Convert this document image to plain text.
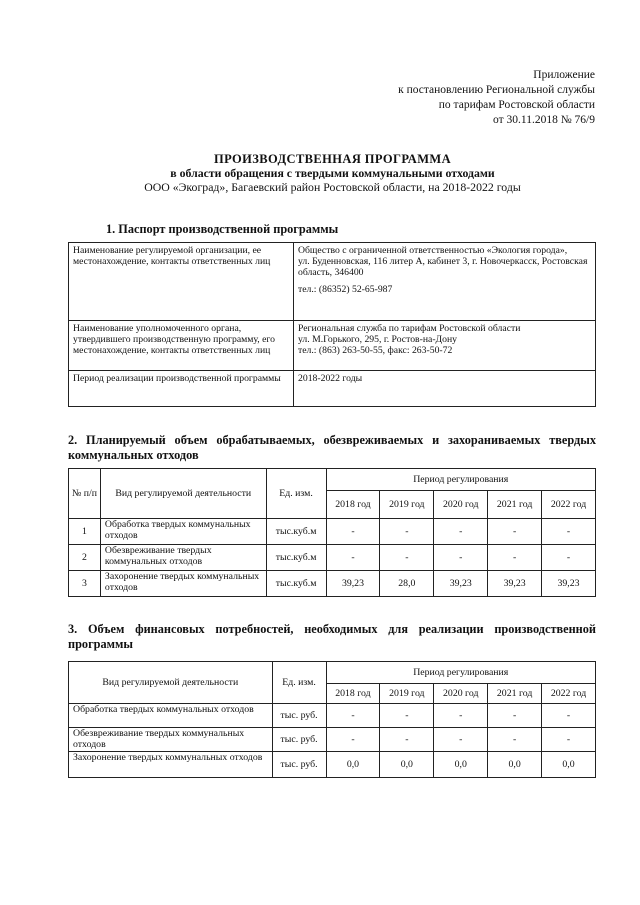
Приложение
к постановлению Региональной службы
по тарифам Ростовской области
от 30.11.2018 № 76/9
ПРОИЗВОДСТВЕННАЯ ПРОГРАММА
в области обращения с твердыми коммунальными отходами
ООО «Экоград», Багаевский район Ростовской области, на 2018-2022 годы
1. Паспорт производственной программы
Наименование регулируемой организации, ее местонахождение, контакты ответственных лиц	Общество с ограниченной ответственностью «Экология города»,
ул. Буденновская, 116 литер А, кабинет 3, г. Новочеркасск, Ростовская область, 346400
тел.: (86352) 52-65-987

Наименование уполномоченного органа, утвердившего производственную программу, его местонахождение, контакты ответственных лиц	Региональная служба по тарифам Ростовской области
ул. М.Горького, 295, г. Ростов-на-Дону
тел.: (863) 263-50-55, факс: 263-50-72

Период реализации производственной программы	2018-2022 годы
2. Планируемый объем обрабатываемых, обезвреживаемых и захораниваемых твердых коммунальных отходов
№ п/п	Вид регулируемой деятельности	Ед. изм.	Период регулирования				
			2018 год	2019 год	2020 год	2021 год	2022 год
1	Обработка твердых коммунальных отходов	тыс.куб.м	-	-	-	-	-
2	Обезвреживание твердых коммунальных отходов	тыс.куб.м	-	-	-	-	-
3	Захоронение твердых коммунальных отходов	тыс.куб.м	39,23	28,0	39,23	39,23	39,23
3. Объем финансовых потребностей, необходимых для реализации производственной программы
Вид регулируемой деятельности	Ед. изм.	Период регулирования				
		2018 год	2019 год	2020 год	2021 год	2022 год
Обработка твердых коммунальных отходов	тыс. руб.	-	-	-	-	-
Обезвреживание твердых коммунальных отходов	тыс. руб.	-	-	-	-	-
Захоронение твердых коммунальных отходов	тыс. руб.	0,0	0,0	0,0	0,0	0,0
